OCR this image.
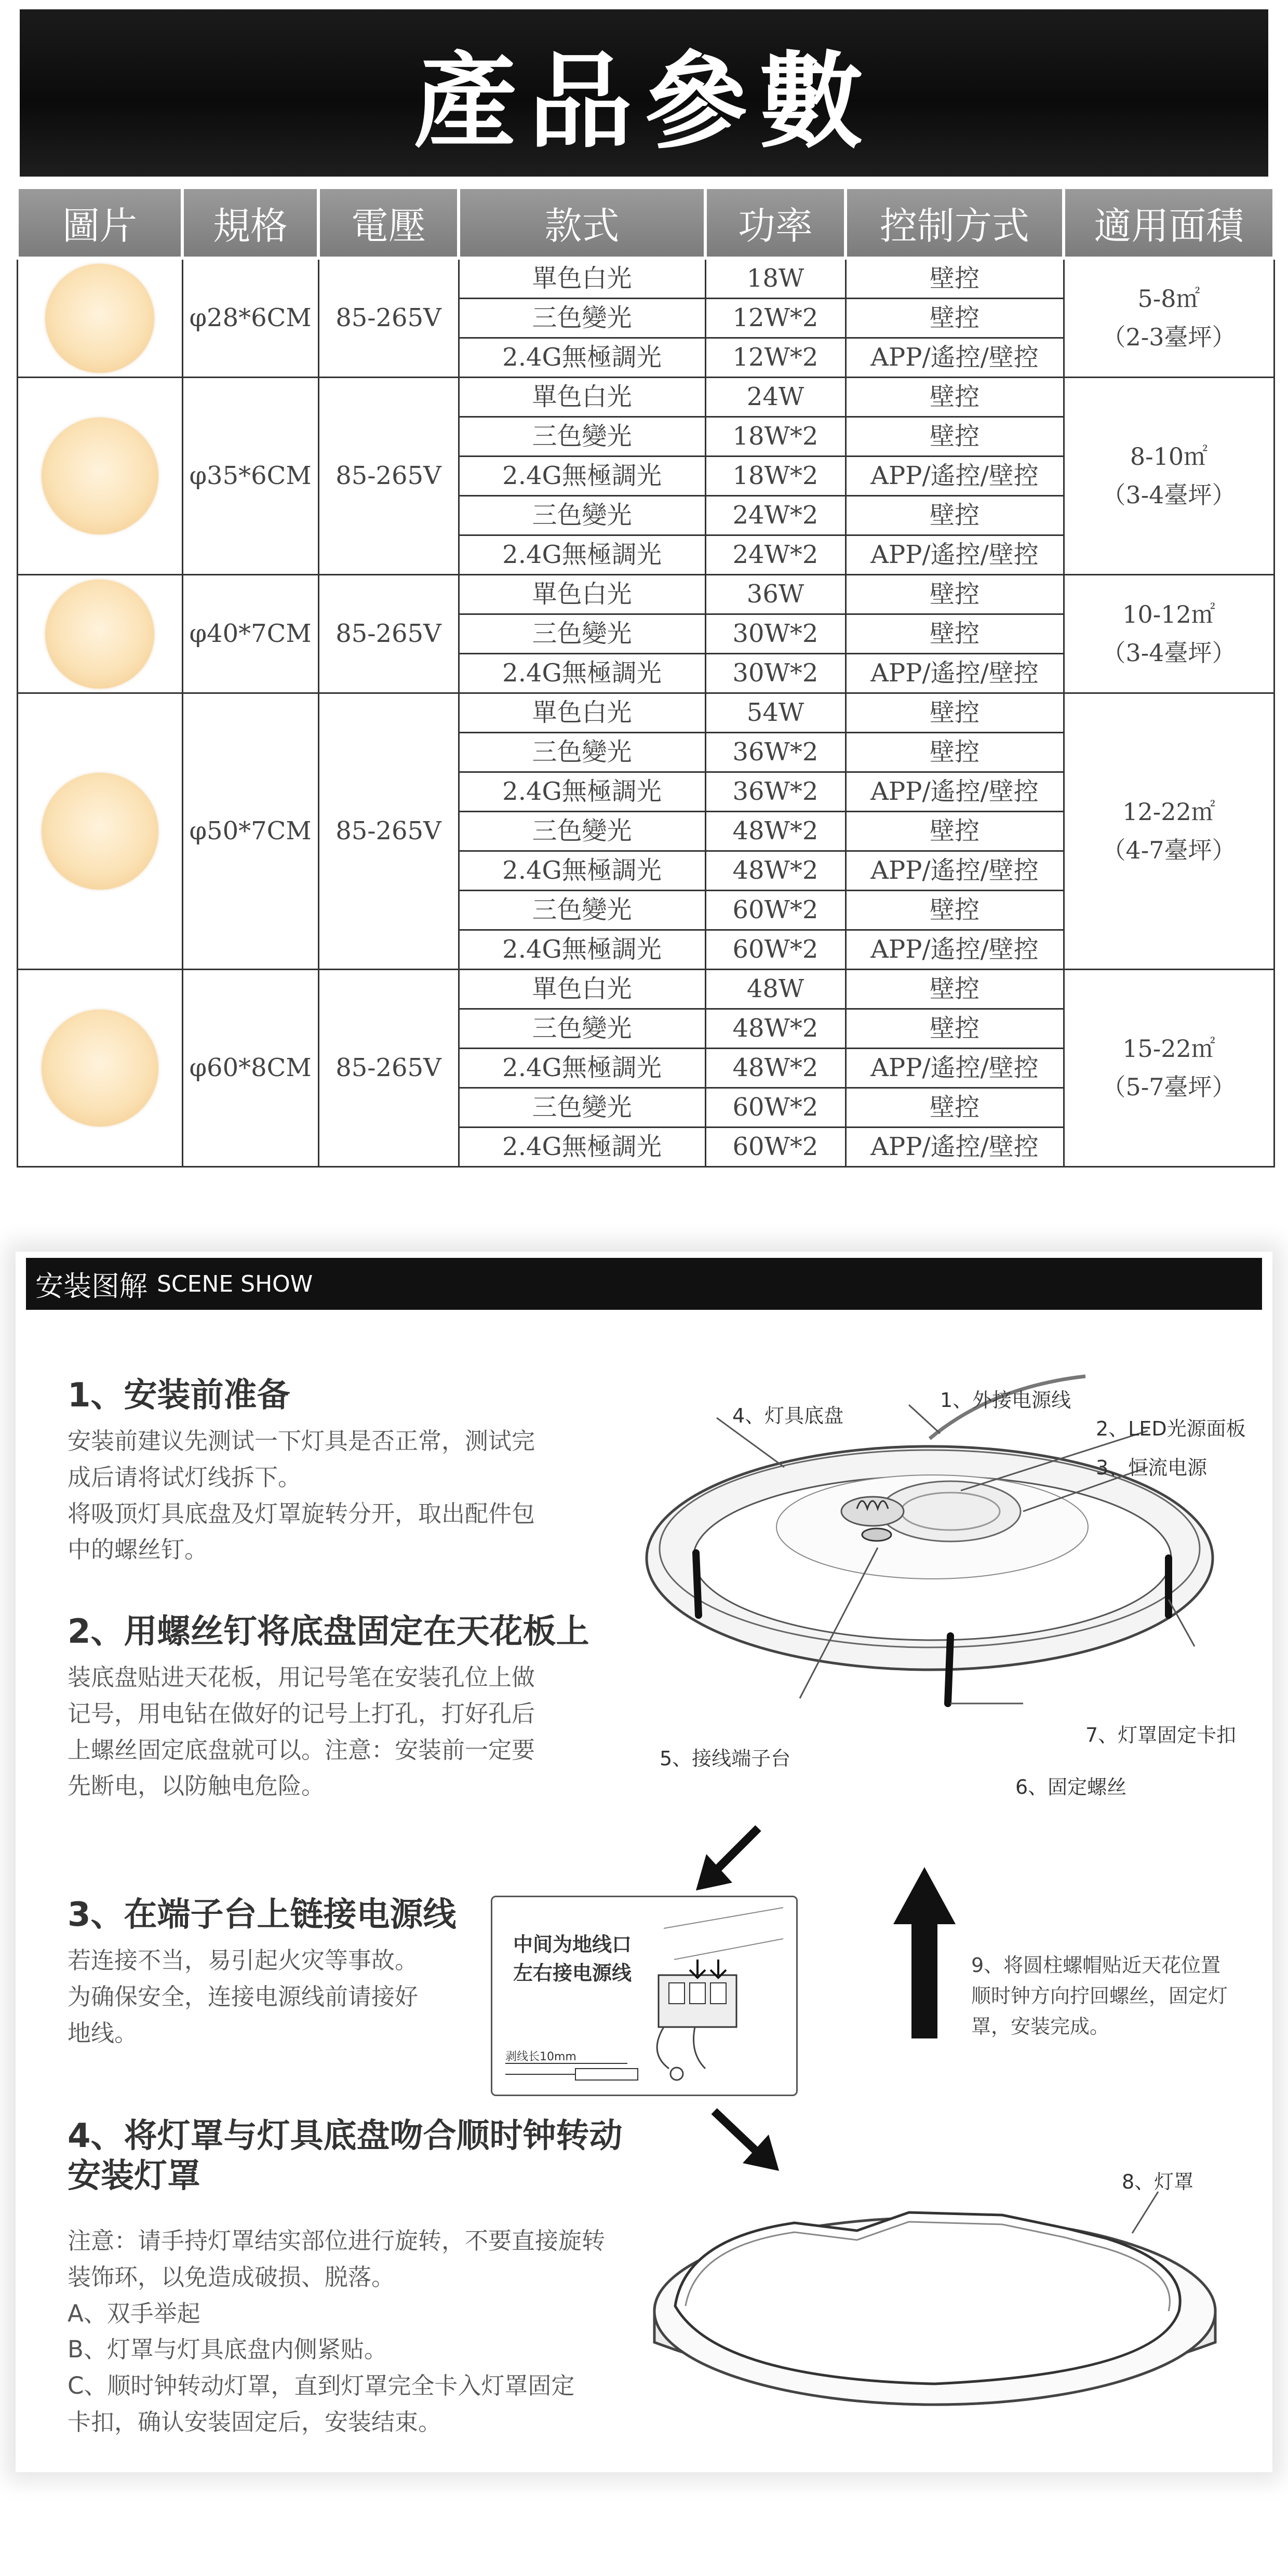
產品參數
圖片	規格	電壓	款式	功率	控制方式	適用面積

	φ28*6CM	85-265V	單色白光	18W	壁控	5-8㎡
（2-3臺坪）

			三色變光	12W*2	壁控	
			2.4G無極調光	12W*2	APP/遙控/壁控	

	φ35*6CM	85-265V	單色白光	24W	壁控	8-10㎡
（3-4臺坪）

			三色變光	18W*2	壁控	
			2.4G無極調光	18W*2	APP/遙控/壁控	
			三色變光	24W*2	壁控	
			2.4G無極調光	24W*2	APP/遙控/壁控	

	φ40*7CM	85-265V	單色白光	36W	壁控	10-12㎡
（3-4臺坪）

			三色變光	30W*2	壁控	
			2.4G無極調光	30W*2	APP/遙控/壁控	

	φ50*7CM	85-265V	單色白光	54W	壁控	12-22㎡
（4-7臺坪）

			三色變光	36W*2	壁控	
			2.4G無極調光	36W*2	APP/遙控/壁控	
			三色變光	48W*2	壁控	
			2.4G無極調光	48W*2	APP/遙控/壁控	
			三色變光	60W*2	壁控	
			2.4G無極調光	60W*2	APP/遙控/壁控	

	φ60*8CM	85-265V	單色白光	48W	壁控	15-22㎡
（5-7臺坪）

			三色變光	48W*2	壁控	
			2.4G無極調光	48W*2	APP/遙控/壁控	
			三色變光	60W*2	壁控	
			2.4G無極調光	60W*2	APP/遙控/壁控	
安装图解 SCENE SHOW
1、安装前准备
安装前建议先测试一下灯具是否正常，测试完
成后请将试灯线拆下。
将吸顶灯具底盘及灯罩旋转分开，取出配件包
中的螺丝钉。
2、用螺丝钉将底盘固定在天花板上
装底盘贴进天花板，用记号笔在安装孔位上做
记号，用电钻在做好的记号上打孔，打好孔后
上螺丝固定底盘就可以。注意：安装前一定要
先断电，以防触电危险。
3、在端子台上链接电源线
若连接不当，易引起火灾等事故。
为确保安全，连接电源线前请接好
地线。
4、将灯罩与灯具底盘吻合顺时钟转动
安装灯罩
注意：请手持灯罩结实部位进行旋转，不要直接旋转
装饰环，以免造成破损、脱落。
A、双手举起
B、灯罩与灯具底盘内侧紧贴。
C、顺时钟转动灯罩，直到灯罩完全卡入灯罩固定
卡扣，确认安装固定后，安装结束。
4、灯具底盘
1、外接电源线
2、LED光源面板
3、恒流电源
7、灯罩固定卡扣
5、接线端子台
6、固定螺丝
中间为地线口
左右接电源线
剥线长10mm
9、将圆柱螺帽贴近天花位置
顺时钟方向拧回螺丝，固定灯
罩，安装完成。
8、灯罩
